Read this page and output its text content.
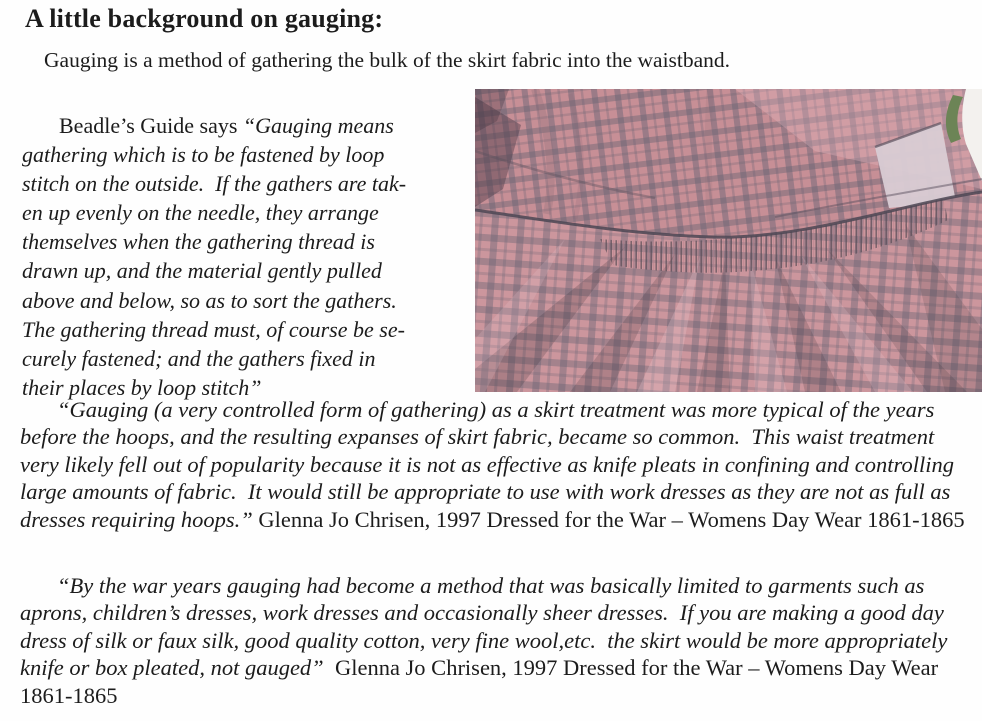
A little background on gauging:

Gauging is a method of gathering the bulk of the skirt fabric into the waistband.

Beadle’s Guide says “Gauging means
gathering which is to be fastened by loop
stitch on the outside.  If the gathers are tak-
en up evenly on the needle, they arrange
themselves when the gathering thread is
drawn up, and the material gently pulled
above and below, so as to sort the gathers.
The gathering thread must, of course be se-
curely fastened; and the gathers fixed in
their places by loop stitch”

“Gauging (a very controlled form of gathering) as a skirt treatment was more typical of the years before the hoops, and the resulting expanses of skirt fabric, became so common.  This waist treatment very likely fell out of popularity because it is not as effective as knife pleats in confining and controlling large amounts of fabric.  It would still be appropriate to use with work dresses as they are not as full as dresses requiring hoops.” Glenna Jo Chrisen, 1997 Dressed for the War – Womens Day Wear 1861-1865

“By the war years gauging had become a method that was basically limited to garments such as aprons, children’s dresses, work dresses and occasionally sheer dresses.  If you are making a good day dress of silk or faux silk, good quality cotton, very fine wool,etc.  the skirt would be more appropriately knife or box pleated, not gauged”  Glenna Jo Chrisen, 1997 Dressed for the War – Womens Day Wear 1861-1865
